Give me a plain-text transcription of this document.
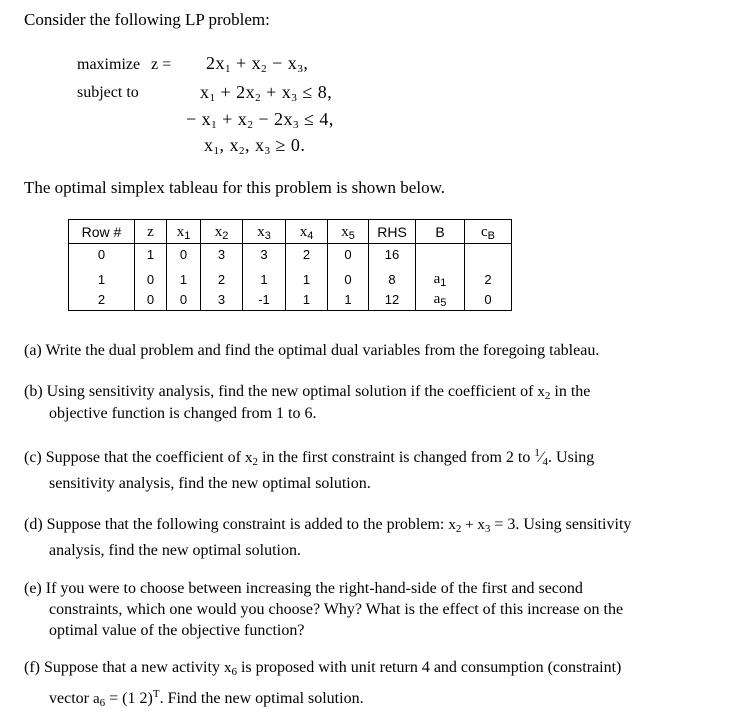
Consider the following LP problem:
maximize $z = 2x_1 + x_2 - x_3$,
subject to	$x_1 + 2x_2 + x_3 \le 8$,
− $x_1 + x_2 - 2x_3 \le 4$,
$x_1$, $x_2$, $x_3 \ge 0$.
The optimal simplex tableau for this problem is shown below.
Row #	z	$x_1$	$x_2$	$x_3$	$x_4$	$x_5$	RHS	B	$c_B$
0	1	0	3	3	2	0	16		

1	0	1	2	1	1	0	8	$a_1$	2
2	0	0	3	-1	1	1	12	$a_5$	0
(a) Write the dual problem and find the optimal dual variables from the foregoing tableau.
(b) Using sensitivity analysis, find the new optimal solution if the coefficient of $x_2$ in the
objective function is changed from 1 to 6.
(c) Suppose that the coefficient of $x_2$ in the first constraint is changed from 2 to $^1⁄_4$. Using
sensitivity analysis, find the new optimal solution.
(d) Suppose that the following constraint is added to the problem: $x_2 + x_3 = 3$. Using sensitivity
analysis, find the new optimal solution.
(e) If you were to choose between increasing the right-hand-side of the first and second
constraints, which one would you choose? Why? What is the effect of this increase on the
optimal value of the objective function?
(f) Suppose that a new activity $x_6$ is proposed with unit return 4 and consumption (constraint)
vector $a_6 = (1$ 2)$^T$. Find the new optimal solution.
